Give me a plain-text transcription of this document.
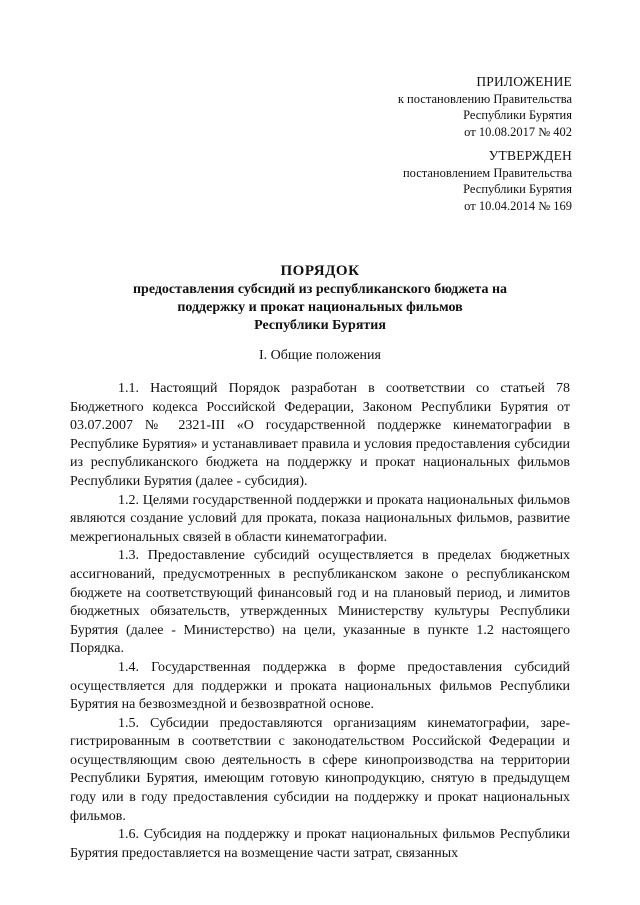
ПРИЛОЖЕНИЕ
к постановлению Правительства
Республики Бурятия
от 10.08.2017 № 402
УТВЕРЖДЕН
постановлением Правительства
Республики Бурятия
от 10.04.2014 № 169
ПОРЯДОК
предоставления субсидий из республиканского бюджета на
поддержку и прокат национальных фильмов
Республики Бурятия
I. Общие положения

1.1. Настоящий Порядок разработан в соответствии со статьей 78 Бюджетного кодекса Российской Федерации, Законом Республики Бурятия от 03.07.2007 № 2321-III «О государственной поддержке кинематографии в Республике Бурятия» и устанавливает правила и условия предоставления субсидии из республиканского бюджета на поддержку и прокат национальных фильмов Республики Бурятия (далее - субсидия).

1.2. Целями государственной поддержки и проката национальных фильмов являются создание условий для проката, показа национальных фильмов, развитие межрегиональных связей в области кинематографии.

1.3. Предоставление субсидий осуществляется в пределах бюджетных ассигнований, предусмотренных в республиканском законе о республиканском бюджете на соответствующий финансовый год и на плановый период, и лимитов бюджетных обязательств, утвержденных Министерству культуры Республики Бурятия (далее - Министерство) на цели, указанные в пункте 1.2 настоящего Порядка.

1.4. Государственная поддержка в форме предоставления субсидий осуществляется для поддержки и проката национальных фильмов Республики Бурятия на безвозмездной и безвозвратной основе.

1.5. Субсидии предоставляются организациям кинематографии, зарегистрированным в соответствии с законодательством Российской Федерации и осуществляющим свою деятельность в сфере кинопроизводства на территории Республики Бурятия, имеющим готовую кинопродукцию, снятую в предыдущем году или в году предоставления субсидии на поддержку и прокат национальных фильмов.

1.6. Субсидия на поддержку и прокат национальных фильмов Республики Бурятия предоставляется на возмещение части затрат, связанных
